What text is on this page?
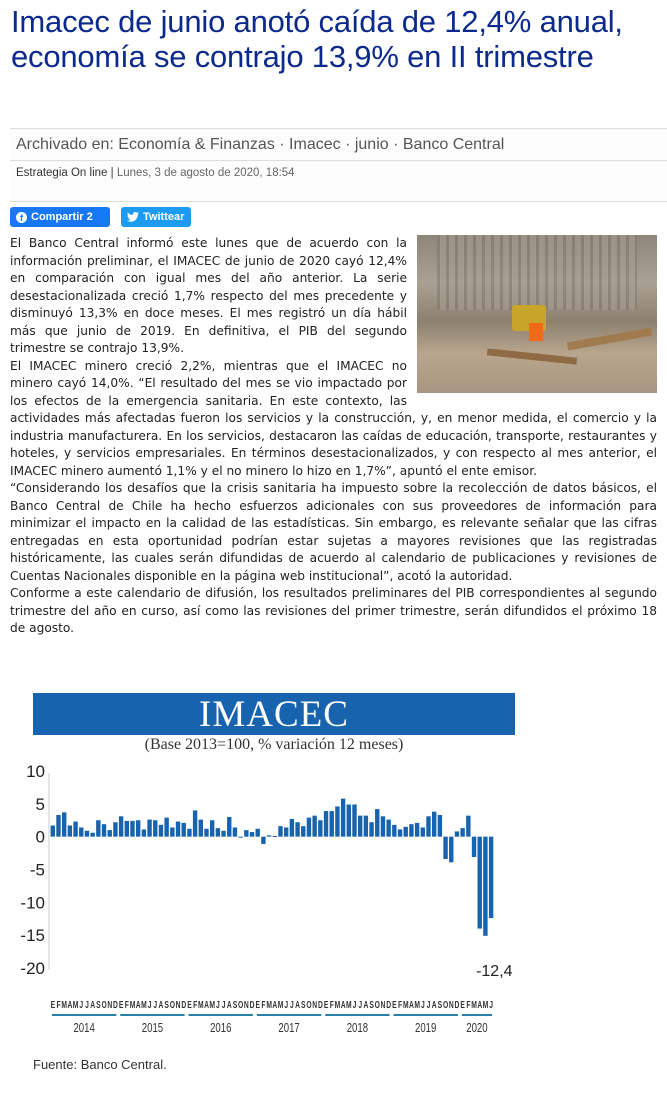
Imacec de junio anotó caída de 12,4% anual, economía se contrajo 13,9% en II trimestre
Archivado en: Economía & Finanzas · Imacec · junio · Banco Central
Estrategia On line | Lunes, 3 de agosto de 2020, 18:54
f Compartir 2	Twittear

El Banco Central informó este lunes que de acuerdo con la información preliminar, el IMACEC de junio de 2020 cayó 12,4% en comparación con igual mes del año anterior. La serie desestacionalizada creció 1,7% respecto del mes precedente y disminuyó 13,3% en doce meses. El mes registró un día hábil más que junio de 2019. En definitiva, el PIB del segundo trimestre se contrajo 13,9%.

El IMACEC minero creció 2,2%, mientras que el IMACEC no minero cayó 14,0%. “El resultado del mes se vio impactado por los efectos de la emergencia sanitaria. En este contexto, las actividades más afectadas fueron los servicios y la construcción, y, en menor medida, el comercio y la industria manufacturera. En los servicios, destacaron las caídas de educación, transporte, restaurantes y hoteles, y servicios empresariales. En términos desestacionalizados, y con respecto al mes anterior, el IMACEC minero aumentó 1,1% y el no minero lo hizo en 1,7%”, apuntó el ente emisor.

“Considerando los desafíos que la crisis sanitaria ha impuesto sobre la recolección de datos básicos, el Banco Central de Chile ha hecho esfuerzos adicionales con sus proveedores de información para minimizar el impacto en la calidad de las estadísticas. Sin embargo, es relevante señalar que las cifras entregadas en esta oportunidad podrían estar sujetas a mayores revisiones que las registradas históricamente, las cuales serán difundidas de acuerdo al calendario de publicaciones y revisiones de Cuentas Nacionales disponible en la página web institucional”, acotó la autoridad.

Conforme a este calendario de difusión, los resultados preliminares del PIB correspondientes al segundo trimestre del año en curso, así como las revisiones del primer trimestre, serán difundidos el próximo 18 de agosto.

IMACEC
(Base 2013=100, % variación 12 meses)
10
5
0
-5
-10
-15
-20	-12,4
E F M A M J J A S O N D E F M A M J J A S O N D E F M A M J J A S O N D E F M A M J J A S O N D E F M A M J J A S O N D E F M A M J J A S O N D E F M A M J
2014	2015	2016	2017	2018	2019 2020
Fuente: Banco Central.
